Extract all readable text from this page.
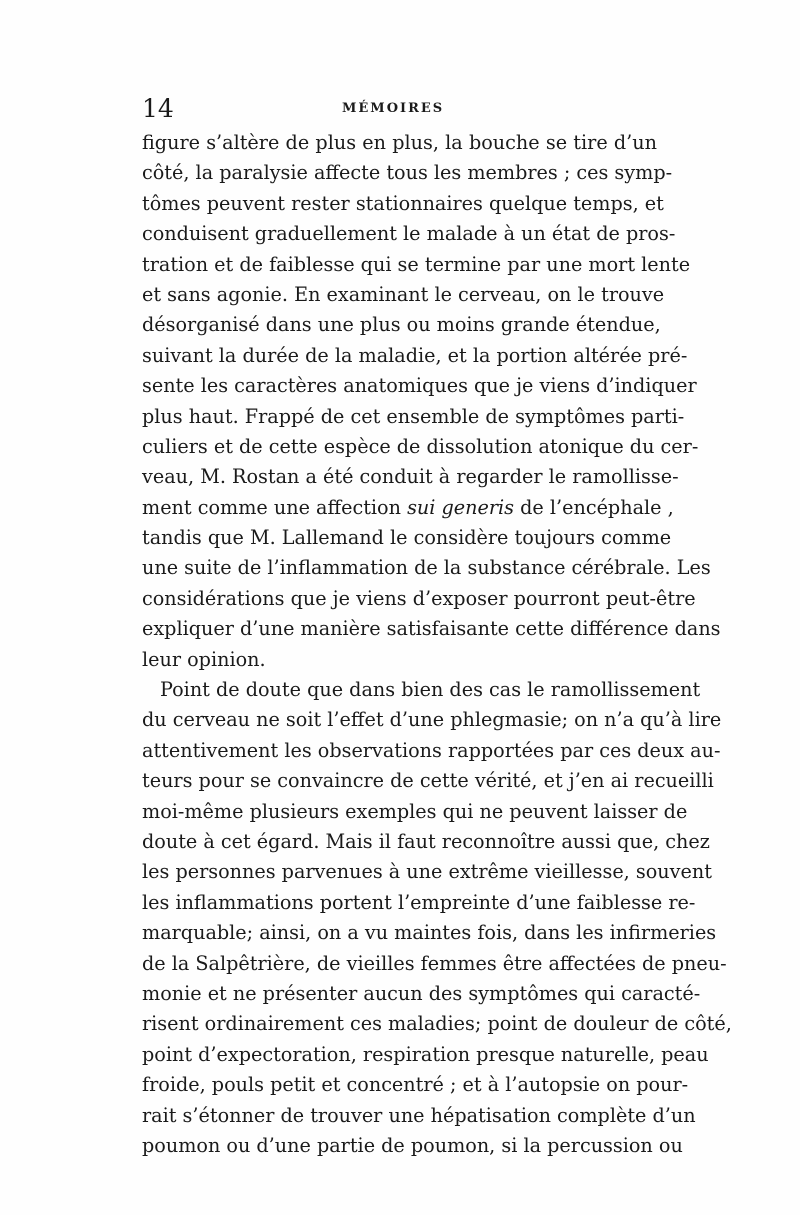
14	MÉMOIRES
figure s’altère de plus en plus, la bouche se tire d’un
côté, la paralysie affecte tous les membres ; ces symp-
tômes peuvent rester stationnaires quelque temps, et
conduisent graduellement le malade à un état de pros-
tration et de faiblesse qui se termine par une mort lente
et sans agonie. En examinant le cerveau, on le trouve
désorganisé dans une plus ou moins grande étendue,
suivant la durée de la maladie, et la portion altérée pré-
sente les caractères anatomiques que je viens d’indiquer
plus haut. Frappé de cet ensemble de symptômes parti-
culiers et de cette espèce de dissolution atonique du cer-
veau, M. Rostan a été conduit à regarder le ramollisse-
ment comme une affection sui generis de l’encéphale ,
tandis que M. Lallemand le considère toujours comme
une suite de l’inflammation de la substance cérébrale. Les
considérations que je viens d’exposer pourront peut-être
expliquer d’une manière satisfaisante cette différence dans
leur opinion.
Point de doute que dans bien des cas le ramollissement
du cerveau ne soit l’effet d’une phlegmasie; on n’a qu’à lire
attentivement les observations rapportées par ces deux au-
teurs pour se convaincre de cette vérité, et j’en ai recueilli
moi-même plusieurs exemples qui ne peuvent laisser de
doute à cet égard. Mais il faut reconnoître aussi que, chez
les personnes parvenues à une extrême vieillesse, souvent
les inflammations portent l’empreinte d’une faiblesse re-
marquable; ainsi, on a vu maintes fois, dans les infirmeries
de la Salpêtrière, de vieilles femmes être affectées de pneu-
monie et ne présenter aucun des symptômes qui caracté-
risent ordinairement ces maladies; point de douleur de côté,
point d’expectoration, respiration presque naturelle, peau
froide, pouls petit et concentré ; et à l’autopsie on pour-
rait s’étonner de trouver une hépatisation complète d’un
poumon ou d’une partie de poumon, si la percussion ou
